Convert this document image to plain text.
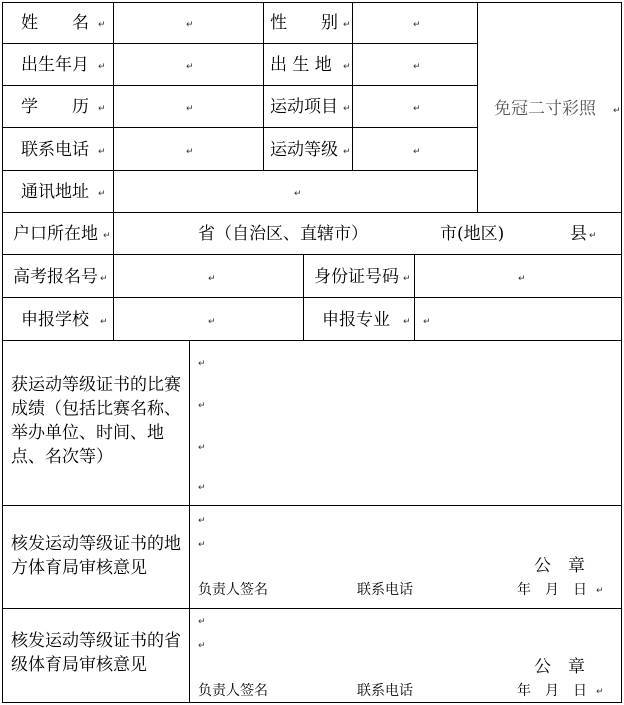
姓　　名 ↵	↵	性　　别 ↵	↵
免冠二寸彩照 ↵
出生年月 ↵	↵	出 生 地 ↵	↵
学　　历 ↵	↵	运动项目 ↵	↵
联系电话 ↵	↵	运动等级 ↵	↵
通讯地址 ↵	↵
户口所在地 ↵	省（自治区、直辖市）	市(地区)	县 ↵
高考报名号 ↵	↵	身份证号码 ↵	↵
申报学校 ↵	↵	申报专业 ↵ ↵
获运动等级证书的比赛成绩（包括比赛名称、举办单位、时间、地点、名次等）
↵
↵
↵
↵
核发运动等级证书的地方体育局审核意见
↵
↵
公　章
负责人签名	联系电话	年　月　日 ↵
核发运动等级证书的省级体育局审核意见
↵
↵
公　章
负责人签名	联系电话	年　月　日 ↵
